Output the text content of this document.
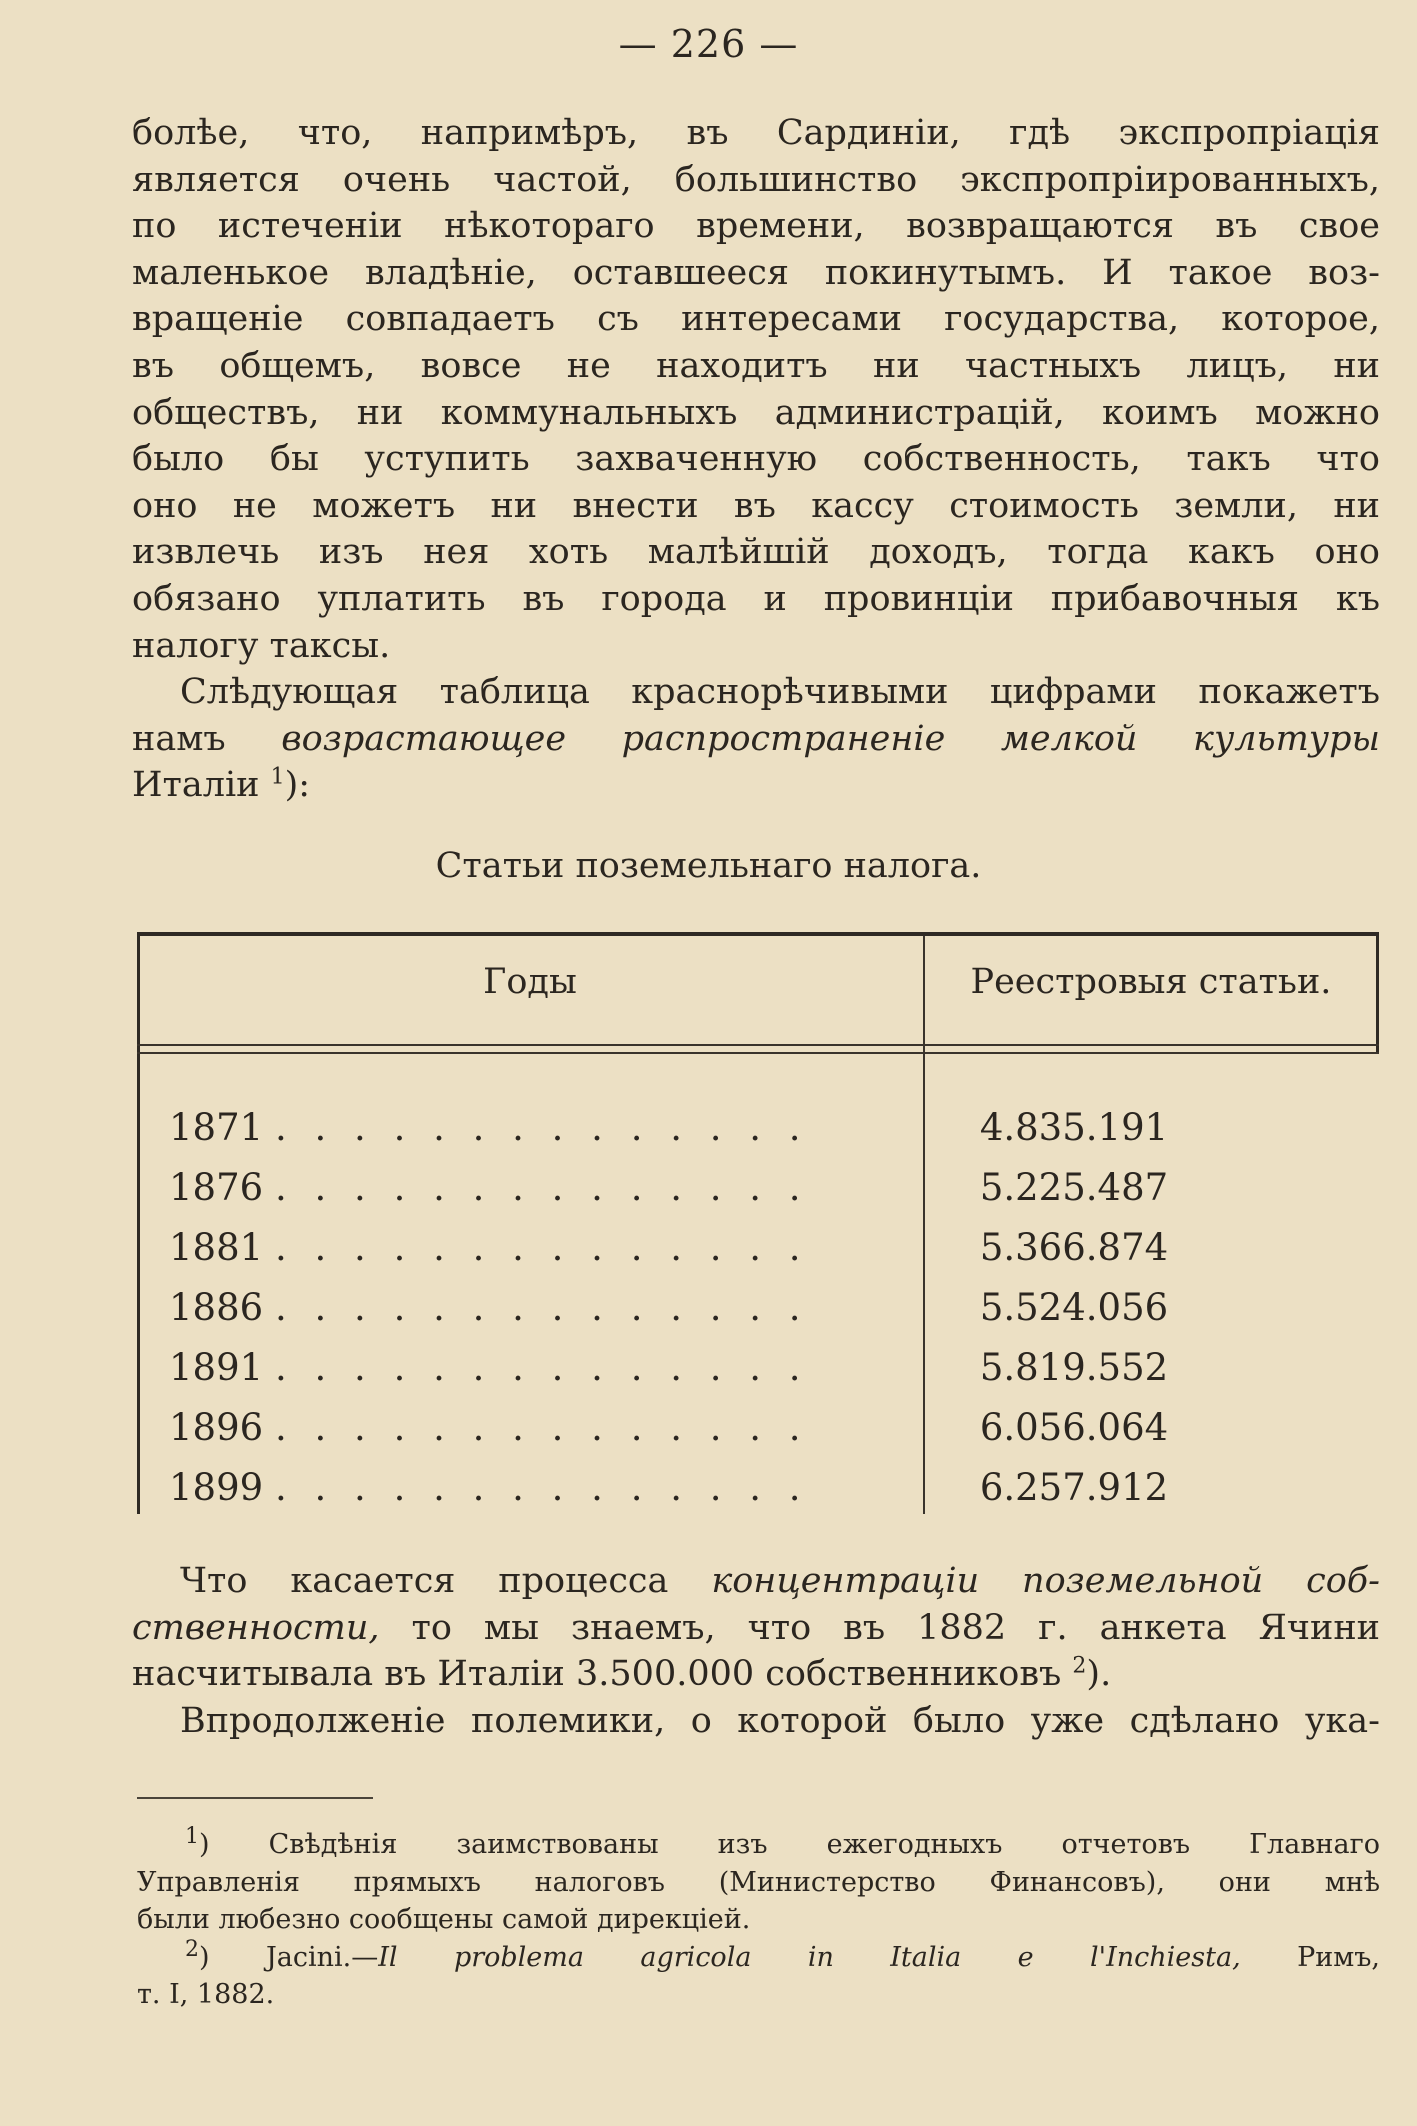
— 226 —
болѣе, что, напримѣръ, въ Сардиніи, гдѣ экспропріація
является очень частой, большинство экспропріированныхъ,
по истеченіи нѣкотораго времени, возвращаются въ свое
маленькое владѣніе, оставшееся покинутымъ. И такое воз-
вращеніе совпадаетъ съ интересами государства, которое,
въ общемъ, вовсе не находитъ ни частныхъ лицъ, ни
обществъ, ни коммунальныхъ администрацій, коимъ можно
было бы уступить захваченную собственность, такъ что
оно не можетъ ни внести въ кассу стоимость земли, ни
извлечь изъ нея хоть малѣйшій доходъ, тогда какъ оно
обязано уплатить въ города и провинціи прибавочныя къ
налогу таксы.
Слѣдующая таблица краснорѣчивыми цифрами покажетъ
намъ возрастающее распространеніе мелкой культуры
Италіи $^1$):
Статьи поземельнаго налога.
Годы	Реестровыя статьи.
1871 . . . . . . . . . . . . . .	4.835.191
1876 . . . . . . . . . . . . . .	5.225.487
1881 . . . . . . . . . . . . . .	5.366.874
1886 . . . . . . . . . . . . . .	5.524.056
1891 . . . . . . . . . . . . . .	5.819.552
1896 . . . . . . . . . . . . . .	6.056.064
1899 . . . . . . . . . . . . . .	6.257.912
Что касается процесса концентраціи поземельной соб-
ственности, то мы знаемъ, что въ 1882 г. анкета Ячини
насчитывала въ Италіи 3.500.000 собственниковъ $^2$).
Впродолженіе полемики, о которой было уже сдѣлано ука-
$^1$) Свѣдѣнія заимствованы изъ ежегодныхъ отчетовъ Главнаго
Управленія прямыхъ налоговъ (Министерство Финансовъ), они мнѣ
были любезно сообщены самой дирекціей.
$^2$) Jacini.—Il problema agricola in Italia e l'Inchiesta, Римъ,
т. I, 1882.
